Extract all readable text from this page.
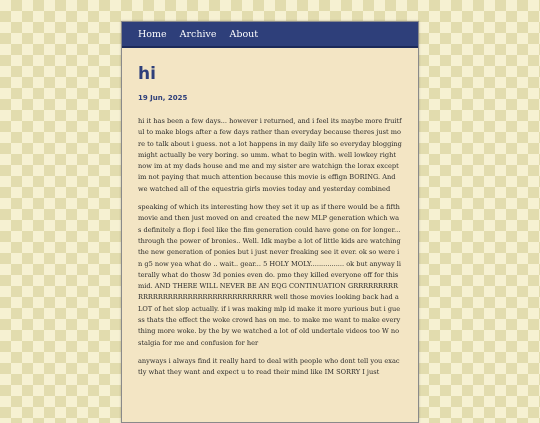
Home Archive About
hi
19 Jun, 2025

hi it has been a few days... however i returned, and i feel its maybe more fruitful to make blogs after a few days rather than everyday because theres just more to talk about i guess. not a lot happens in my daily life so everyday blogging might actually be very boring. so umm. what to begin with. well lowkey right now im at my dads house and me and my sister are watchign the lorax except im not paying that much attention because this movie is effign BORING. And we watched all of the equestria girls movies today and yesterday combined

speaking of which its interesting how they set it up as if there would be a fifth movie and then just moved on and created the new MLP generation which was definitely a flop i feel like the fim generation could have gone on for longer... through the power of bronies.. Well. Idk maybe a lot of little kids are watching the new generation of ponies but i just never freaking see it ever. ok so were in g5 now yea what do .. wait.. gear... 5 HOLY MOLY................ ok but anyway literally what do thosw 3d ponies even do. pmo they killed everyone off for this mid. AND THERE WILL NEVER BE AN EQG CONTINUATION GRRRRRRRRRRRRRRRRRRRRRRRRRRRRRRRRRRRR well those movies looking back had a LOT of het slop actually. if i was making mlp id make it more yurious but i guess thats the effect the woke crowd has on me. to make me want to make everything more woke. by the by we watched a lot of old undertale videos too W nostalgia for me and confusion for her

anyways i always find it really hard to deal with people who dont tell you exactly what they want and expect u to read their mind like IM SORRY I just
